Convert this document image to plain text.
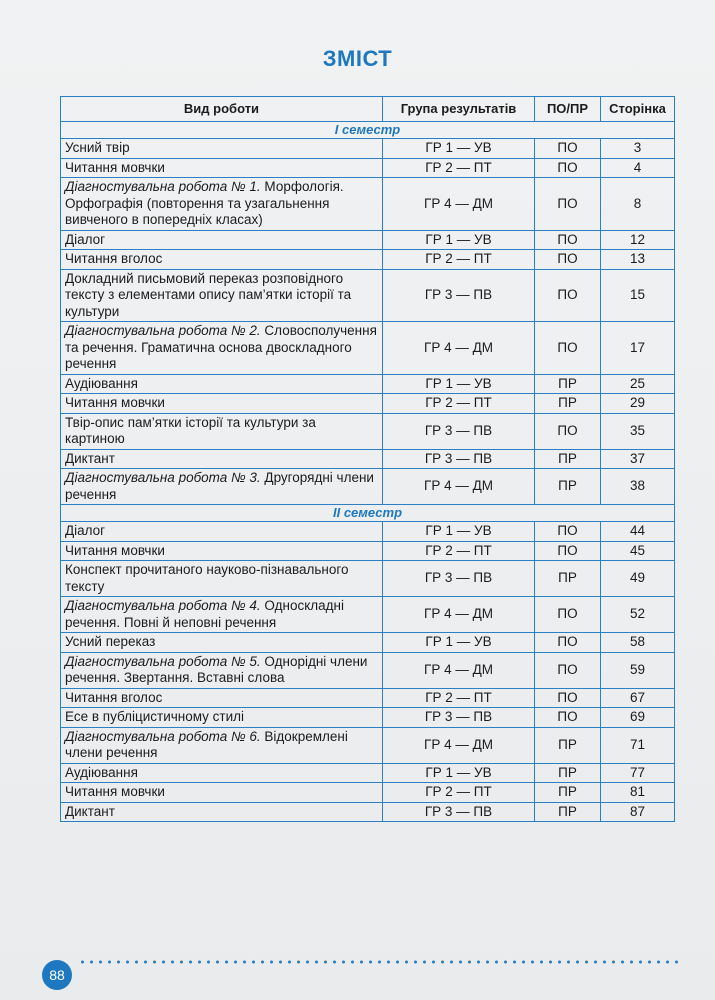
ЗМІСТ
Вид роботи	Група результатів	ПО/ПР	Сторінка
І семестр			
Усний твір	ГР 1 — УВ	ПО	3
Читання мовчки	ГР 2 — ПТ	ПО	4
Діагностувальна робота № 1. Морфологія. Орфографія (повторення та узагальнення вивченого в попередніх класах)	ГР 4 — ДМ	ПО	8
Діалог	ГР 1 — УВ	ПО	12
Читання вголос	ГР 2 — ПТ	ПО	13
Докладний письмовий переказ розповідного тексту з елементами опису пам’ятки історії та культури	ГР 3 — ПВ	ПО	15
Діагностувальна робота № 2. Словосполучення та речення. Граматична основа двоскладного речення	ГР 4 — ДМ	ПО	17
Аудіювання	ГР 1 — УВ	ПР	25
Читання мовчки	ГР 2 — ПТ	ПР	29
Твір-опис пам’ятки історії та культури за картиною	ГР 3 — ПВ	ПО	35
Диктант	ГР 3 — ПВ	ПР	37
Діагностувальна робота № 3. Другорядні члени речення	ГР 4 — ДМ	ПР	38
ІІ семестр			
Діалог	ГР 1 — УВ	ПО	44
Читання мовчки	ГР 2 — ПТ	ПО	45
Конспект прочитаного науково-пізнавального тексту	ГР 3 — ПВ	ПР	49
Діагностувальна робота № 4. Односкладні речення. Повні й неповні речення	ГР 4 — ДМ	ПО	52
Усний переказ	ГР 1 — УВ	ПО	58
Діагностувальна робота № 5. Однорідні члени речення. Звертання. Вставні слова	ГР 4 — ДМ	ПО	59
Читання вголос	ГР 2 — ПТ	ПО	67
Есе в публіцистичному стилі	ГР 3 — ПВ	ПО	69
Діагностувальна робота № 6. Відокремлені члени речення	ГР 4 — ДМ	ПР	71
Аудіювання	ГР 1 — УВ	ПР	77
Читання мовчки	ГР 2 — ПТ	ПР	81
Диктант	ГР 3 — ПВ	ПР	87
88
